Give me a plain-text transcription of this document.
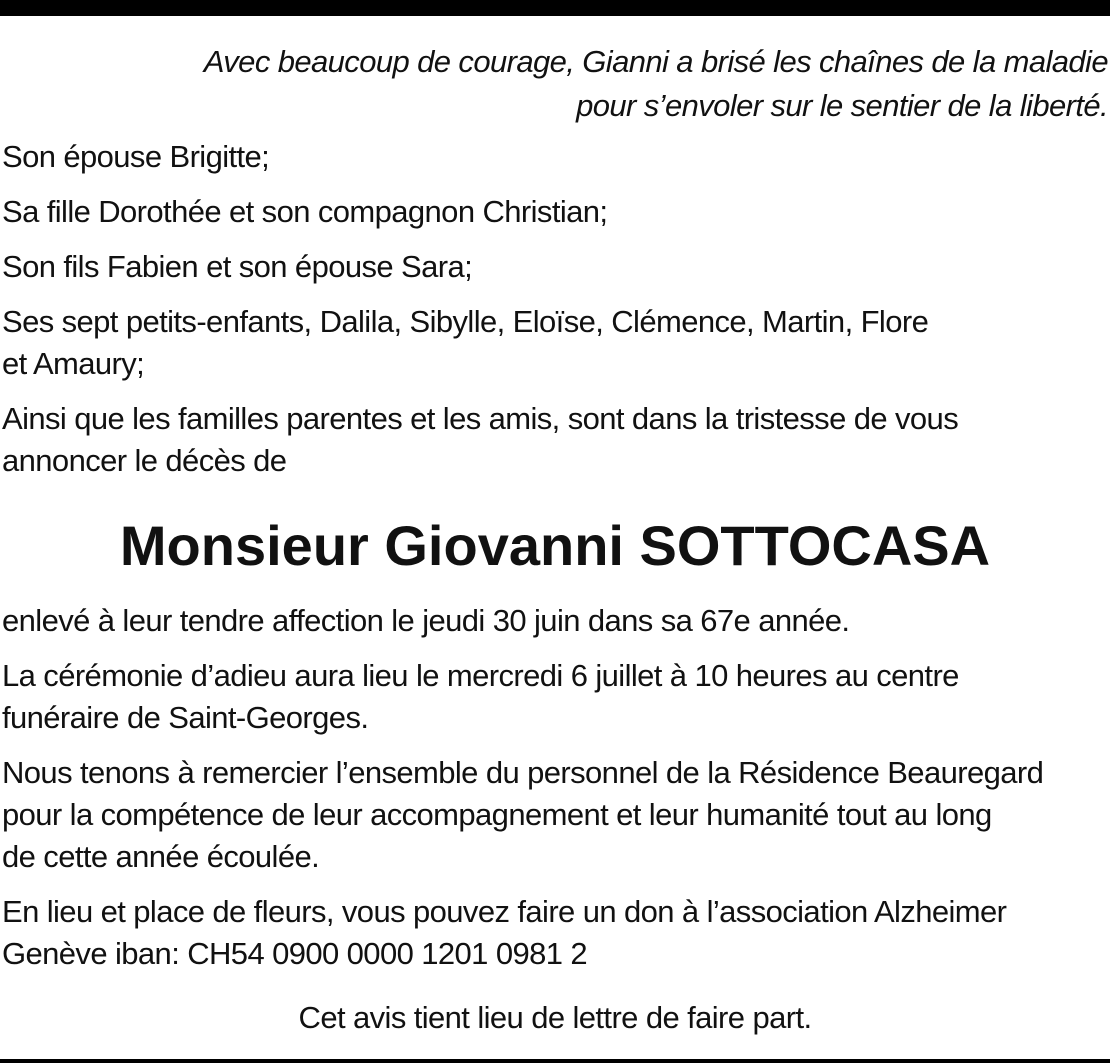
Avec beaucoup de courage, Gianni a brisé les chaînes de la maladie
pour s’envoler sur le sentier de la liberté.
Son épouse Brigitte;
Sa fille Dorothée et son compagnon Christian;
Son fils Fabien et son épouse Sara;
Ses sept petits-enfants, Dalila, Sibylle, Eloïse, Clémence, Martin, Flore
et Amaury;
Ainsi que les familles parentes et les amis, sont dans la tristesse de vous
annoncer le décès de
Monsieur Giovanni SOTTOCASA
enlevé à leur tendre affection le jeudi 30 juin dans sa 67e année.
La cérémonie d’adieu aura lieu le mercredi 6 juillet à 10 heures au centre
funéraire de Saint-Georges.
Nous tenons à remercier l’ensemble du personnel de la Résidence Beauregard
pour la compétence de leur accompagnement et leur humanité tout au long
de cette année écoulée.
En lieu et place de fleurs, vous pouvez faire un don à l’association Alzheimer
Genève iban: CH54 0900 0000 1201 0981 2
Cet avis tient lieu de lettre de faire part.
